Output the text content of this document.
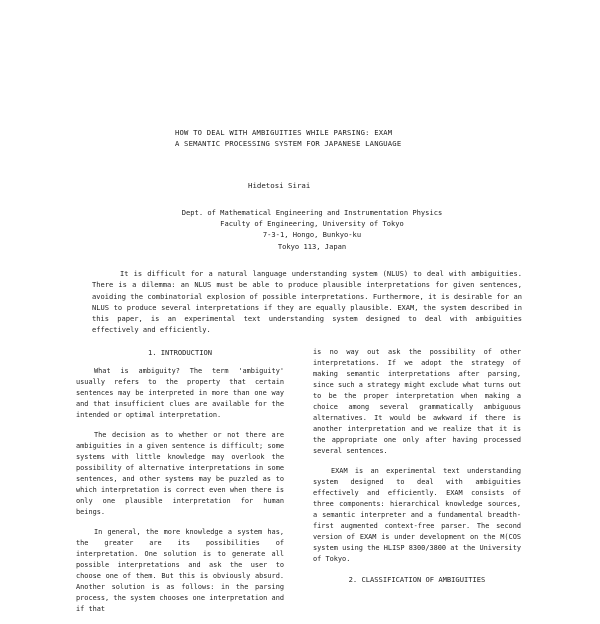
HOW TO DEAL WITH AMBIGUITIES WHILE PARSING: EXAM
A SEMANTIC PROCESSING SYSTEM FOR JAPANESE LANGUAGE
Hidetosi Sirai
Dept. of Mathematical Engineering and Instrumentation Physics
Faculty of Engineering, University of Tokyo
7-3-1, Hongo, Bunkyo-ku
Tokyo 113, Japan

It is difficult for a natural language understanding system (NLUS) to deal with ambiguities. There is a dilemma: an NLUS must be able to produce plausible interpretations for given sentences, avoiding the combinatorial explosion of possible interpretations. Furthermore, it is desirable for an NLUS to produce several interpretations if they are equally plausible. EXAM, the system described in this paper, is an experimental text understanding system designed to deal with ambiguities effectively and efficiently.

1. INTRODUCTION

What is ambiguity? The term 'ambiguity' usually refers to the property that certain sentences may be interpreted in more than one way and that insufficient clues are available for the intended or optimal interpretation.

The decision as to whether or not there are ambiguities in a given sentence is difficult; some systems with little knowledge may overlook the possibility of alternative interpretations in some sentences, and other systems may be puzzled as to which interpretation is correct even when there is only one plausible interpretation for human beings.

In general, the more knowledge a system has, the greater are its possibilities of interpretation. One solution is to generate all possible interpretations and ask the user to choose one of them. But this is obviously absurd. Another solution is as follows: in the parsing process, the system chooses one interpretation and if that

is no way out ask the possibility of other interpretations. If we adopt the strategy of making semantic interpretations after parsing, since such a strategy might exclude what turns out to be the proper interpretation when making a choice among several grammatically ambiguous alternatives. It would be awkward if there is another interpretation and we realize that it is the appropriate one only after having processed several sentences.

EXAM is an experimental text understanding system designed to deal with ambiguities effectively and efficiently. EXAM consists of three components: hierarchical knowledge sources, a semantic interpreter and a fundamental breadth-first augmented context-free parser. The second version of EXAM is under development on the M(COS system using the HLISP 8300/3800 at the University of Tokyo.

2. CLASSIFICATION OF AMBIGUITIES
